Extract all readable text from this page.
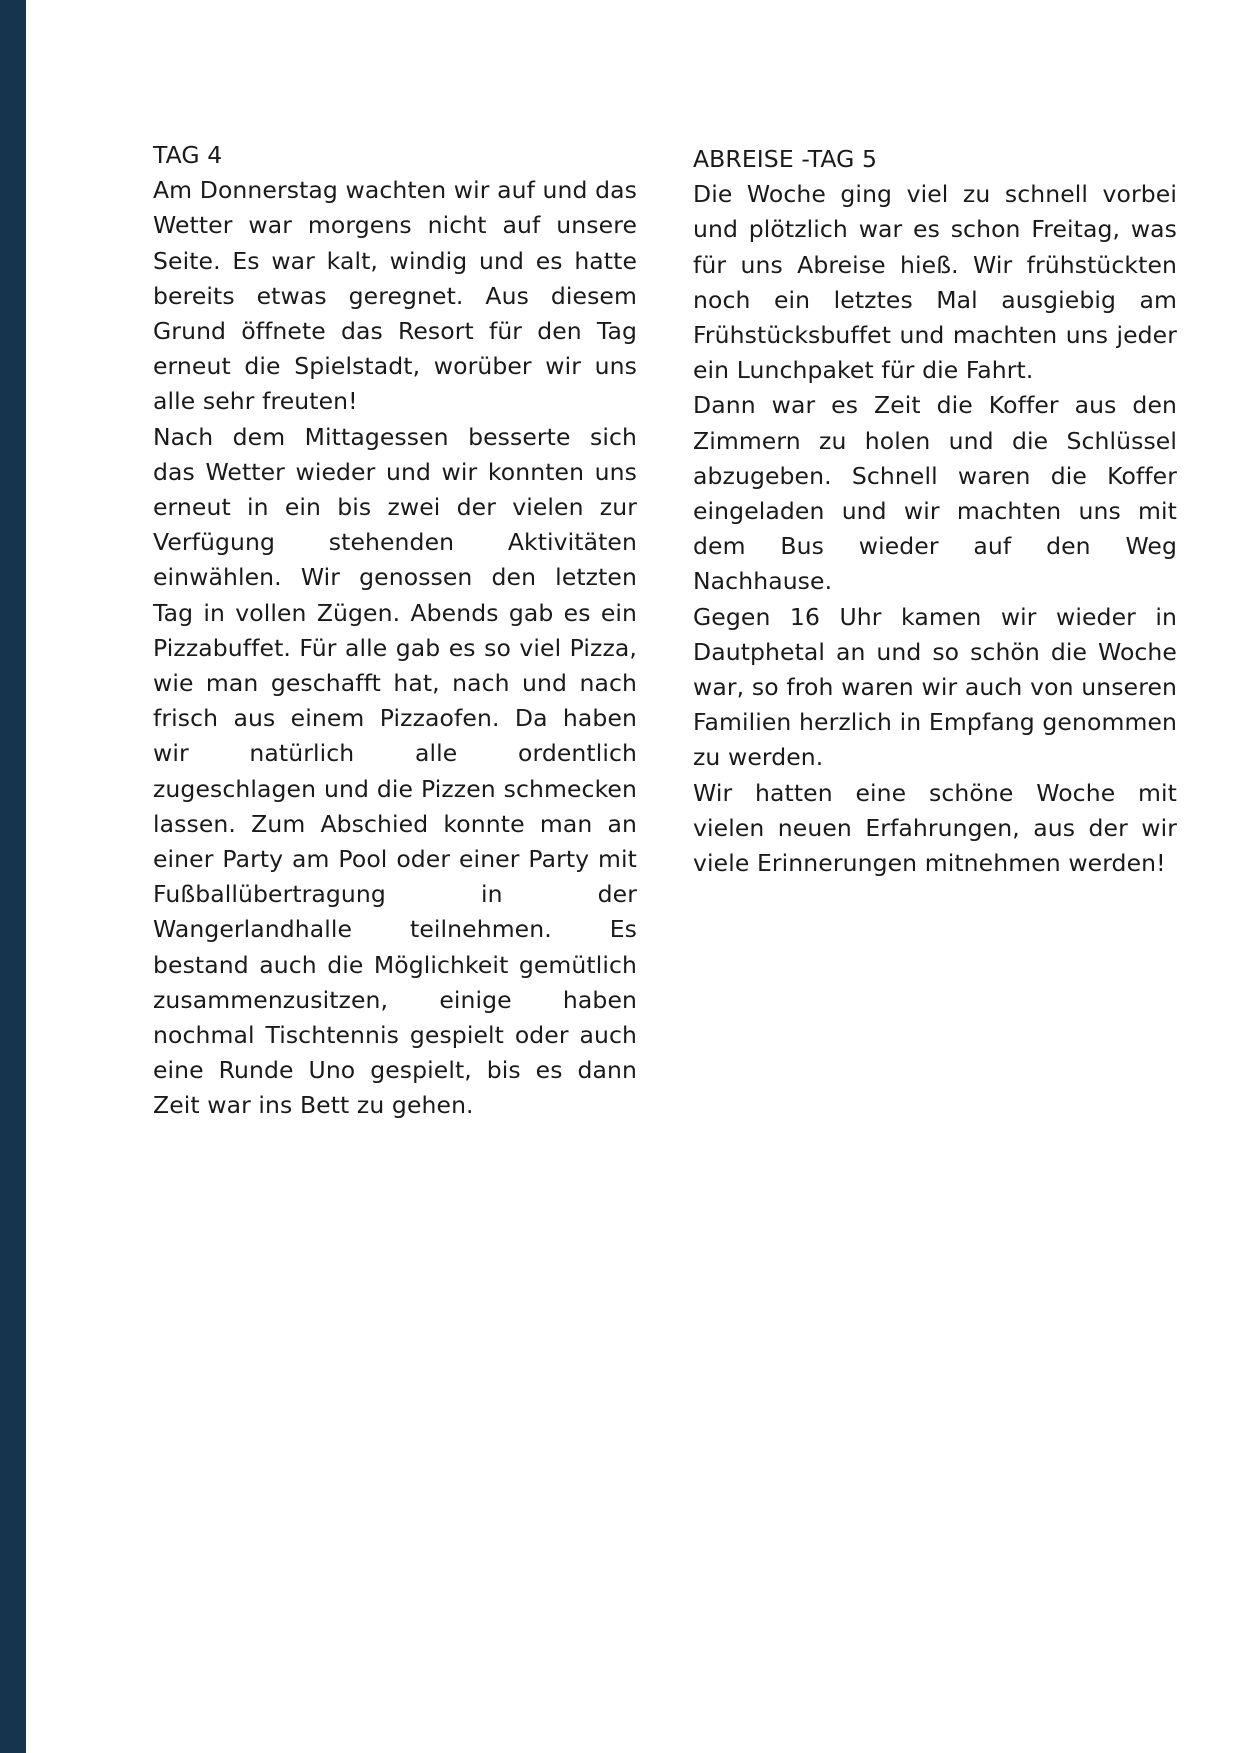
TAG 4

Am Donnerstag wachten wir auf und das Wetter war morgens nicht auf unsere Seite. Es war kalt, windig und es hatte bereits etwas geregnet. Aus diesem Grund öffnete das Resort für den Tag erneut die Spielstadt, worüber wir uns alle sehr freuten!

Nach dem Mittagessen besserte sich das Wetter wieder und wir konnten uns erneut in ein bis zwei der vielen zur Verfügung stehenden Aktivitäten einwählen. Wir genossen den letzten Tag in vollen Zügen. Abends gab es ein Pizzabuffet. Für alle gab es so viel Pizza, wie man geschafft hat, nach und nach frisch aus einem Pizzaofen. Da haben wir natürlich alle ordentlich zugeschlagen und die Pizzen schmecken lassen. Zum Abschied konnte man an einer Party am Pool oder einer Party mit Fußballübertragung in der Wangerlandhalle teilnehmen. Es bestand auch die Möglichkeit gemütlich zusammenzusitzen, einige haben nochmal Tischtennis gespielt oder auch eine Runde Uno gespielt, bis es dann Zeit war ins Bett zu gehen.

ABREISE -TAG 5

Die Woche ging viel zu schnell vorbei und plötzlich war es schon Freitag, was für uns Abreise hieß. Wir frühstückten noch ein letztes Mal ausgiebig am Frühstücksbuffet und machten uns jeder ein Lunchpaket für die Fahrt.

Dann war es Zeit die Koffer aus den Zimmern zu holen und die Schlüssel abzugeben. Schnell waren die Koffer eingeladen und wir machten uns mit dem Bus wieder auf den Weg Nachhause.

Gegen 16 Uhr kamen wir wieder in Dautphetal an und so schön die Woche war, so froh waren wir auch von unseren Familien herzlich in Empfang genommen zu werden.

Wir hatten eine schöne Woche mit vielen neuen Erfahrungen, aus der wir viele Erinnerungen mitnehmen werden!
